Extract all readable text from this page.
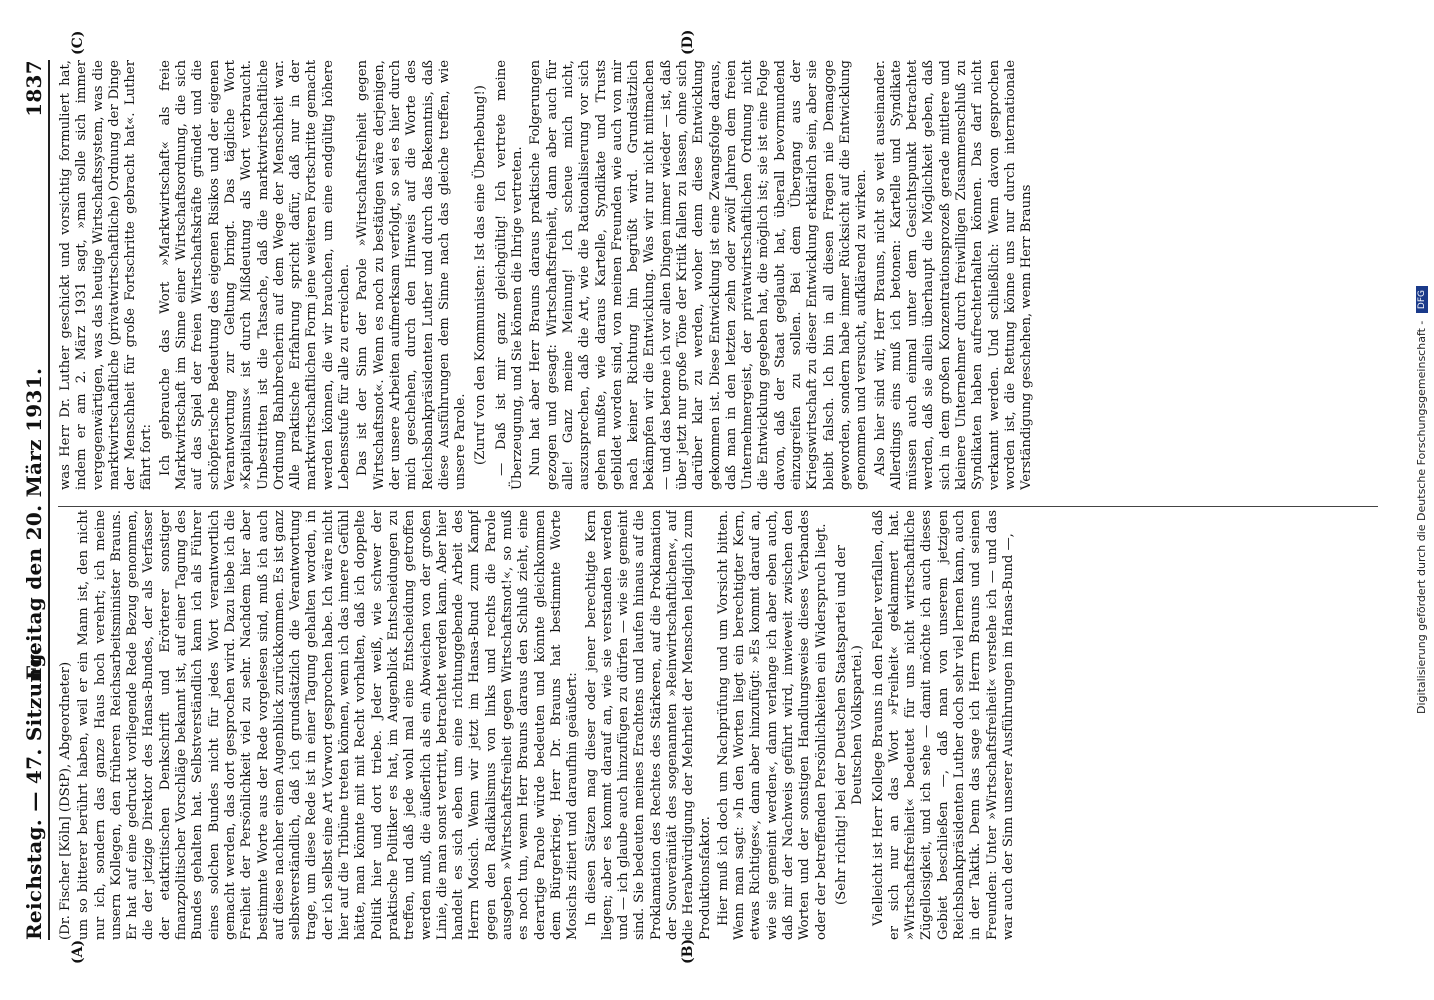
Reichstag. — 47. Sitzung.
Freitag den 20. März 1931.
1837
(A)	(B)
(C)	(D)

(Dr. Fischer [Köln] (DStP), Abgeordneter) um so bitterer berührt haben, weil er ein Mann ist, den nicht nur ich, sondern das ganze Haus hoch verehrt; ich meine unsern Kollegen, den früheren Reichsarbeitsminister Brauns. Er hat auf eine gedruckt vorliegende Rede Bezug genommen, die der jetzige Direktor des Hansa-Bundes, der als Verfasser der etatkritischen Denkschrift und Erörterer sonstiger finanzpolitischer Vorschläge bekannt ist, auf einer Tagung des Bundes gehalten hat. Selbstverständlich kann ich als Führer eines solchen Bundes nicht für jedes Wort verantwortlich gemacht werden, das dort gesprochen wird. Dazu liebe ich die Freiheit der Persönlichkeit viel zu sehr. Nachdem hier aber bestimmte Worte aus der Rede vorgelesen sind, muß ich auch auf diese nachher einen Augenblick zurückkommen. Es ist ganz selbstverständlich, daß ich grundsätzlich die Verantwortung trage, um diese Rede ist in einer Tagung gehalten worden, in der ich selbst eine Art Vorwort gesprochen habe. Ich wäre nicht hier auf die Tribüne treten können, wenn ich das innere Gefühl hätte, man könnte mit mit Recht vorhalten, daß ich doppelte Politik hier und dort triebe. Jeder weiß, wie schwer der praktische Politiker es hat, im Augenblick Entscheidungen zu treffen, und daß jede wohl mal eine Entscheidung getroffen werden muß, die äußerlich als ein Abweichen von der großen Linie, die man sonst vertritt, betrachtet werden kann. Aber hier handelt es sich eben um eine richtunggebende Arbeit des Herrn Mosich. Wenn wir jetzt im Hansa-Bund zum Kampf gegen den Radikalismus von links und rechts die Parole ausgeben »Wirtschaftsfreiheit gegen Wirtschaftsnot!«, so muß es noch tun, wenn Herr Brauns daraus den Schluß zieht, eine derartige Parole würde bedeuten und könnte gleichkommen dem Bürgerkrieg. Herr Dr. Brauns hat bestimmte Worte Mosichs zitiert und daraufhin geäußert: In diesen Sätzen mag dieser oder jener berechtigte Kern liegen; aber es kommt darauf an, wie sie verstanden werden und — ich glaube auch hinzufügen zu dürfen — wie sie gemeint sind. Sie bedeuten meines Erachtens und laufen hinaus auf die Proklamation des Rechtes des Stärkeren, auf die Proklamation der Souveränität des sogenannten »Reinwirtschaftlichen«, auf die Herabwürdigung der Mehrheit der Menschen lediglich zum Produktionsfaktor. Hier muß ich doch um Nachprüfung und um Vorsicht bitten. Wenn man sagt: »In den Worten liegt ein berechtigter Kern, etwas Richtiges«, dann aber hinzufügt: »Es kommt darauf an, wie sie gemeint werden«, dann verlange ich aber eben auch, daß mir der Nachweis geführt wird, inwieweit zwischen den Worten und der sonstigen Handlungsweise dieses Verbandes oder der betreffenden Persönlichkeiten ein Widerspruch liegt. (Sehr richtig! bei der Deutschen Staatspartei und der Deutschen Volkspartei.) Vielleicht ist Herr Kollege Brauns in den Fehler verfallen, daß er sich nur an das Wort »Freiheit« geklammert hat. »Wirtschaftsfreiheit« bedeutet für uns nicht wirtschaftliche Zügellosigkeit, und ich sehe — damit möchte ich auch dieses Gebiet beschließen —, daß man von unserem jetzigen Reichsbankpräsidenten Luther doch sehr viel lernen kann, auch in der Taktik. Denn das sage ich Herrn Brauns und seinen Freunden: Unter »Wirtschaftsfreiheit« verstehe ich — und das war auch der Sinn unserer Ausführungen im Hansa-Bund —,

was Herr Dr. Luther geschickt und vorsichtig formuliert hat, indem er am 2. März 1931 sagt, »man solle sich immer vergegenwärtigen, was das heutige Wirtschaftssystem, was die marktwirtschaftliche (privatwirtschaftliche) Ordnung der Dinge der Menschheit für große Fortschritte gebracht hat«. Luther fährt fort: Ich gebrauche das Wort »Marktwirtschaft« als freie Marktwirtschaft im Sinne einer Wirtschaftsordnung, die sich auf das Spiel der freien Wirtschaftskräfte gründet und die schöpferische Bedeutung des eigenen Risikos und der eigenen Verantwortung zur Geltung bringt. Das tägliche Wort »Kapitalismus« ist durch Mißdeutung als Wort verbraucht. Unbestritten ist die Tatsache, daß die marktwirtschaftliche Ordnung Bahnbrecherin auf dem Wege der Menschheit war. Alle praktische Erfahrung spricht dafür, daß nur in der marktwirtschaftlichen Form jene weiteren Fortschritte gemacht werden können, die wir brauchen, um eine endgültig höhere Lebensstufe für alle zu erreichen. Das ist der Sinn der Parole »Wirtschaftsfreiheit gegen Wirtschaftsnot«. Wenn es noch zu bestätigen wäre derjenigen, der unsere Arbeiten aufmerksam verfolgt, so sei es hier durch mich geschehen, durch den Hinweis auf die Worte des Reichsbankpräsidenten Luther und durch das Bekenntnis, daß diese Ausführungen dem Sinne nach das gleiche treffen, wie unsere Parole. (Zuruf von den Kommunisten: Ist das eine Überhebung!) — Daß ist mir ganz gleichgültig! Ich vertrete meine Überzeugung, und Sie können die Ihrige vertreten. Nun hat aber Herr Brauns daraus praktische Folgerungen gezogen und gesagt: Wirtschaftsfreiheit, dann aber auch für alle! Ganz meine Meinung! Ich scheue mich nicht, auszusprechen, daß die Art, wie die Rationalisierung vor sich gehen mußte, wie daraus Kartelle, Syndikate und Trusts gebildet worden sind, von meinen Freunden wie auch von mir nach keiner Richtung hin begrüßt wird. Grundsätzlich bekämpfen wir die Entwicklung. Was wir nur nicht mitmachen — und das betone ich vor allen Dingen immer wieder — ist, daß über jetzt nur große Töne der Kritik fallen zu lassen, ohne sich darüber klar zu werden, woher denn diese Entwicklung gekommen ist. Diese Entwicklung ist eine Zwangsfolge daraus, daß man in den letzten zehn oder zwölf Jahren dem freien Unternehmergeist, der privatwirtschaftlichen Ordnung nicht die Entwicklung gegeben hat, die möglich ist; sie ist eine Folge davon, daß der Staat geglaubt hat, überall bevormundend einzugreifen zu sollen. Bei dem Übergang aus der Kriegswirtschaft zu dieser Entwicklung erklärlich sein, aber sie bleibt falsch. Ich bin in all diesen Fragen nie Demagoge geworden, sondern habe immer Rücksicht auf die Entwicklung genommen und versucht, aufklärend zu wirken. Also hier sind wir, Herr Brauns, nicht so weit auseinander. Allerdings eins muß ich betonen: Kartelle und Syndikate müssen auch einmal unter dem Gesichtspunkt betrachtet werden, daß sie allein überhaupt die Möglichkeit geben, daß sich in dem großen Konzentrationsprozeß gerade mittlere und kleinere Unternehmer durch freiwilligen Zusammenschluß zu Syndikaten haben aufrechterhalten können. Das darf nicht verkannt werden. Und schließlich: Wenn davon gesprochen worden ist, die Rettung könne uns nur durch internationale Verständigung geschehen, wenn Herr Brauns	Digitalisierung gefördert durch die Deutsche Forschungsgemeinschaft - DFG
